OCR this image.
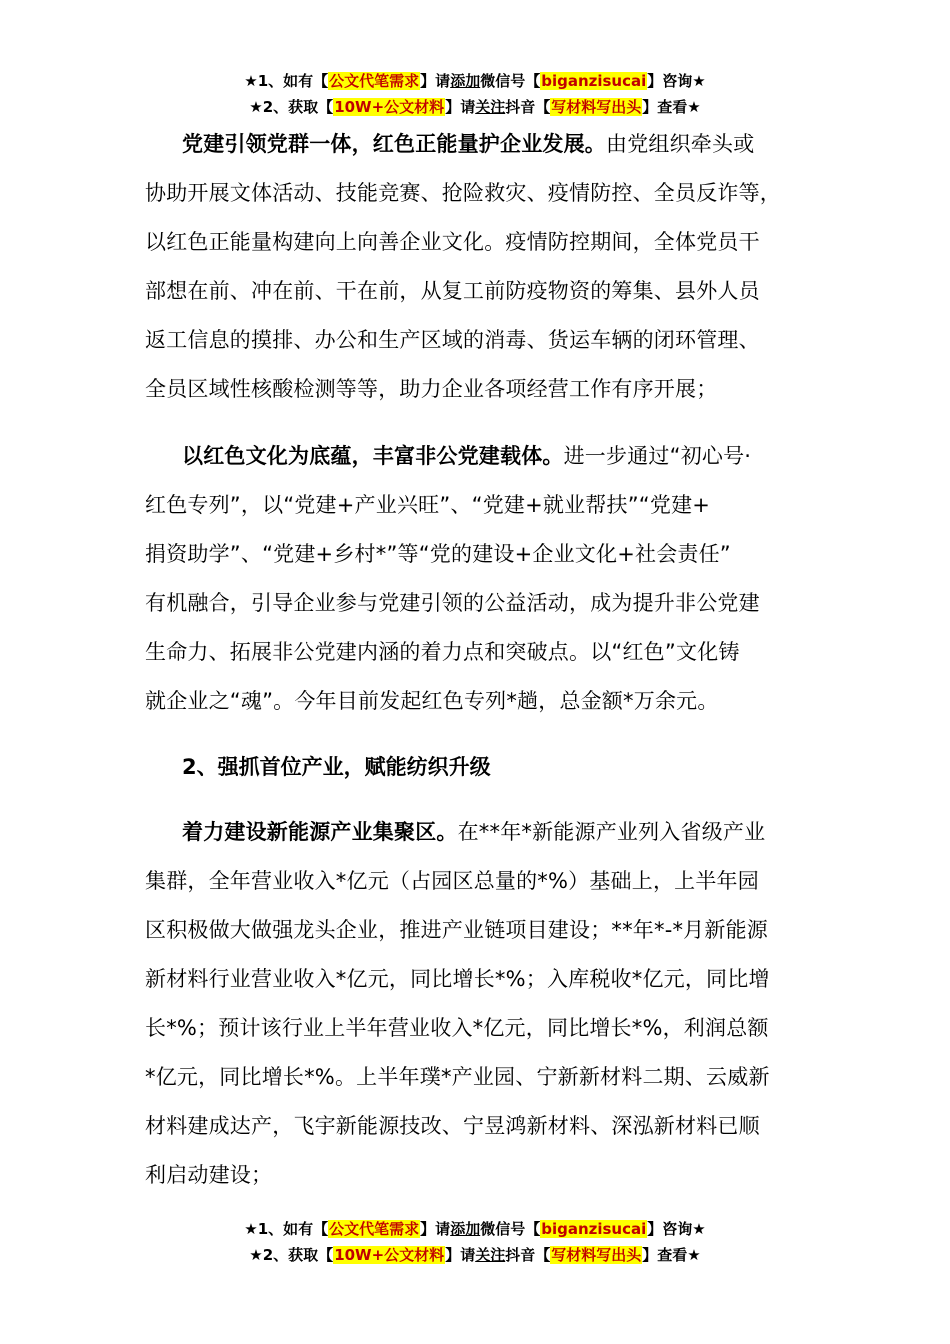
★1、如有【公文代笔需求】请添加微信号【biganzisucai】咨询★
★2、获取【10W+公文材料】请关注抖音【写材料写出头】查看★

党建引领党群一体，红色正能量护企业发展。由党组织牵头或
协助开展文体活动、技能竞赛、抢险救灾、疫情防控、全员反诈等，
以红色正能量构建向上向善企业文化。疫情防控期间，全体党员干
部想在前、冲在前、干在前，从复工前防疫物资的筹集、县外人员
返工信息的摸排、办公和生产区域的消毒、货运车辆的闭环管理、
全员区域性核酸检测等等，助力企业各项经营工作有序开展；

以红色文化为底蕴，丰富非公党建载体。进一步通过“初心号·
红色专列”，以“党建+产业兴旺”、“党建+就业帮扶”“党建+
捐资助学”、“党建+乡村*”等“党的建设+企业文化+社会责任”
有机融合，引导企业参与党建引领的公益活动，成为提升非公党建
生命力、拓展非公党建内涵的着力点和突破点。以“红色”文化铸
就企业之“魂”。今年目前发起红色专列*趟，总金额*万余元。

2、强抓首位产业，赋能纺织升级

着力建设新能源产业集聚区。在**年*新能源产业列入省级产业
集群，全年营业收入*亿元（占园区总量的*%）基础上，上半年园
区积极做大做强龙头企业，推进产业链项目建设；**年*-*月新能源
新材料行业营业收入*亿元，同比增长*%；入库税收*亿元，同比增
长*%；预计该行业上半年营业收入*亿元，同比增长*%，利润总额
*亿元，同比增长*%。上半年璞*产业园、宁新新材料二期、云威新
材料建成达产，飞宇新能源技改、宁昱鸿新材料、深泓新材料已顺
利启动建设；

★1、如有【公文代笔需求】请添加微信号【biganzisucai】咨询★
★2、获取【10W+公文材料】请关注抖音【写材料写出头】查看★
